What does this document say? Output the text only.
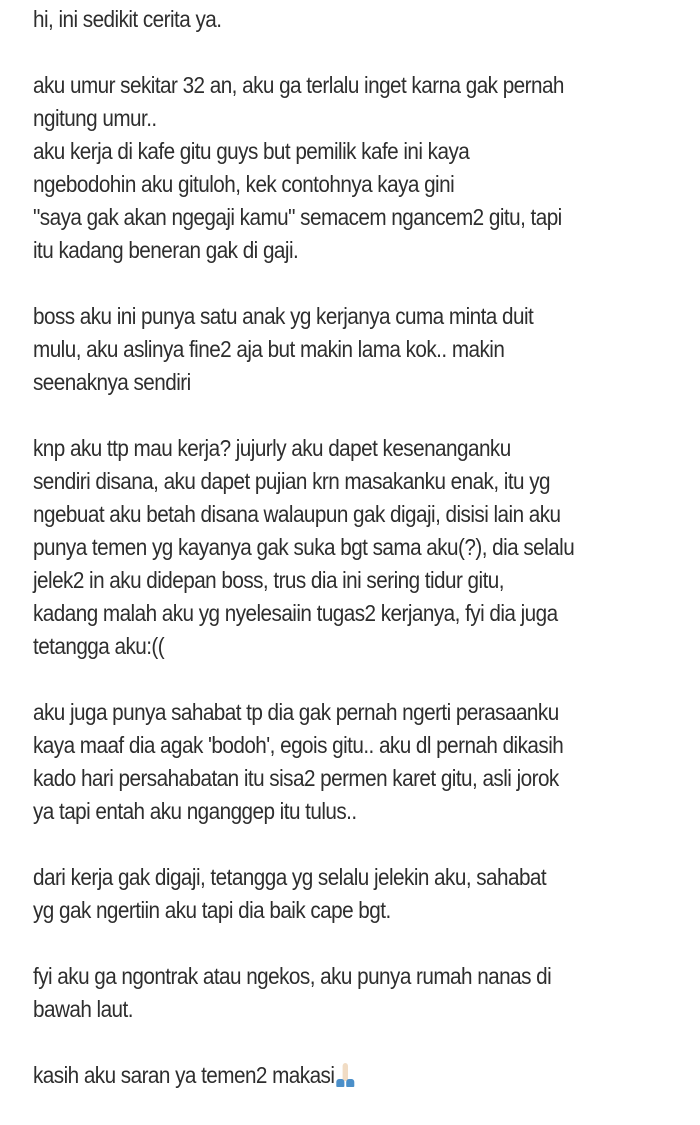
hi, ini sedikit cerita ya.

aku umur sekitar 32 an, aku ga terlalu inget karna gak pernah
ngitung umur..
aku kerja di kafe gitu guys but pemilik kafe ini kaya
ngebodohin aku gituloh, kek contohnya kaya gini
"saya gak akan ngegaji kamu" semacem ngancem2 gitu, tapi
itu kadang beneran gak di gaji.

boss aku ini punya satu anak yg kerjanya cuma minta duit
mulu, aku aslinya fine2 aja but makin lama kok.. makin
seenaknya sendiri

knp aku ttp mau kerja? jujurly aku dapet kesenanganku
sendiri disana, aku dapet pujian krn masakanku enak, itu yg
ngebuat aku betah disana walaupun gak digaji, disisi lain aku
punya temen yg kayanya gak suka bgt sama aku(?), dia selalu
jelek2 in aku didepan boss, trus dia ini sering tidur gitu,
kadang malah aku yg nyelesaiin tugas2 kerjanya, fyi dia juga
tetangga aku:((

aku juga punya sahabat tp dia gak pernah ngerti perasaanku
kaya maaf dia agak 'bodoh', egois gitu.. aku dl pernah dikasih
kado hari persahabatan itu sisa2 permen karet gitu, asli jorok
ya tapi entah aku nganggep itu tulus..

dari kerja gak digaji, tetangga yg selalu jelekin aku, sahabat
yg gak ngertiin aku tapi dia baik cape bgt.

fyi aku ga ngontrak atau ngekos, aku punya rumah nanas di
bawah laut.

kasih aku saran ya temen2 makasi
